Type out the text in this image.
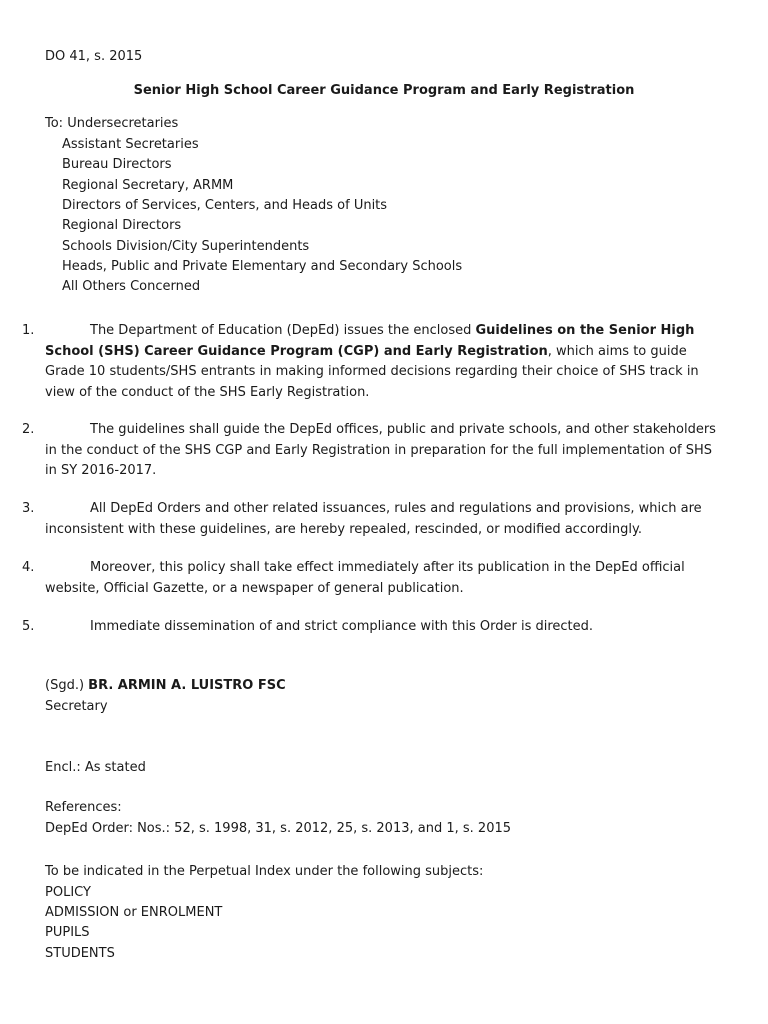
DO 41, s. 2015
Senior High School Career Guidance Program and Early Registration
To: Undersecretaries
Assistant Secretaries
Bureau Directors
Regional Secretary, ARMM
Directors of Services, Centers, and Heads of Units
Regional Directors
Schools Division/City Superintendents
Heads, Public and Private Elementary and Secondary Schools
All Others Concerned
1.	The Department of Education (DepEd) issues the enclosed Guidelines on the Senior High School (SHS) Career Guidance Program (CGP) and Early Registration, which aims to guide Grade 10 students/SHS entrants in making informed decisions regarding their choice of SHS track in view of the conduct of the SHS Early Registration.
2.	The guidelines shall guide the DepEd offices, public and private schools, and other stakeholders in the conduct of the SHS CGP and Early Registration in preparation for the full implementation of SHS in SY 2016-2017.
3.	All DepEd Orders and other related issuances, rules and regulations and provisions, which are inconsistent with these guidelines, are hereby repealed, rescinded, or modified accordingly.
4.	Moreover, this policy shall take effect immediately after its publication in the DepEd official website, Official Gazette, or a newspaper of general publication.
5.	Immediate dissemination of and strict compliance with this Order is directed.
(Sgd.) BR. ARMIN A. LUISTRO FSC
Secretary
Encl.: As stated
References:
DepEd Order: Nos.: 52, s. 1998, 31, s. 2012, 25, s. 2013, and 1, s. 2015
To be indicated in the Perpetual Index under the following subjects:
POLICY
ADMISSION or ENROLMENT
PUPILS
STUDENTS
